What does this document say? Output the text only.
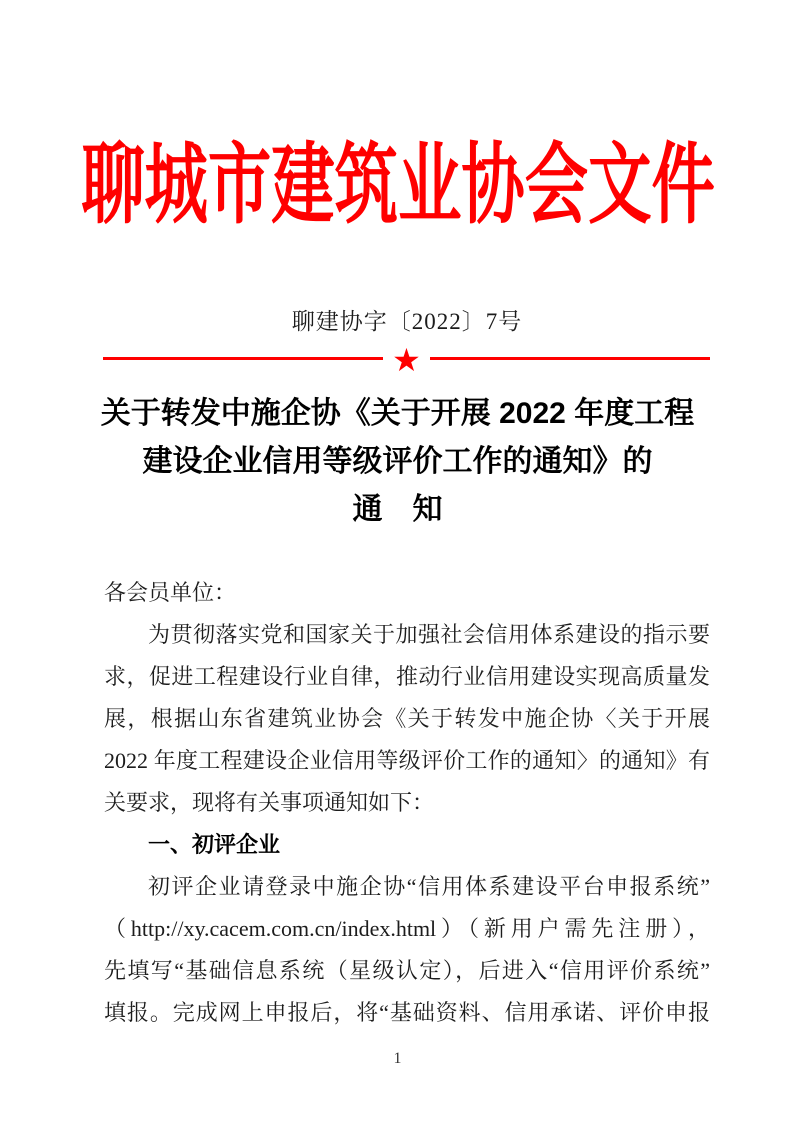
聊城市建筑业协会文件
聊建协字〔2022〕7号
★
关于转发中施企协《关于开展 2022 年度工程
建设企业信用等级评价工作的通知》的
通　知
各会员单位：
为贯彻落实党和国家关于加强社会信用体系建设的指示要
求，促进工程建设行业自律，推动行业信用建设实现高质量发
展，根据山东省建筑业协会《关于转发中施企协〈关于开展
2022 年度工程建设企业信用等级评价工作的通知〉的通知》有
关要求，现将有关事项通知如下：
一、初评企业
初评企业请登录中施企协“信用体系建设平台申报系统”
（http://xy.cacem.com.cn/index.html）（新用户需先注册），
先填写“基础信息系统（星级认定），后进入“信用评价系统”
填报。完成网上申报后，将“基础资料、信用承诺、评价申报
1
